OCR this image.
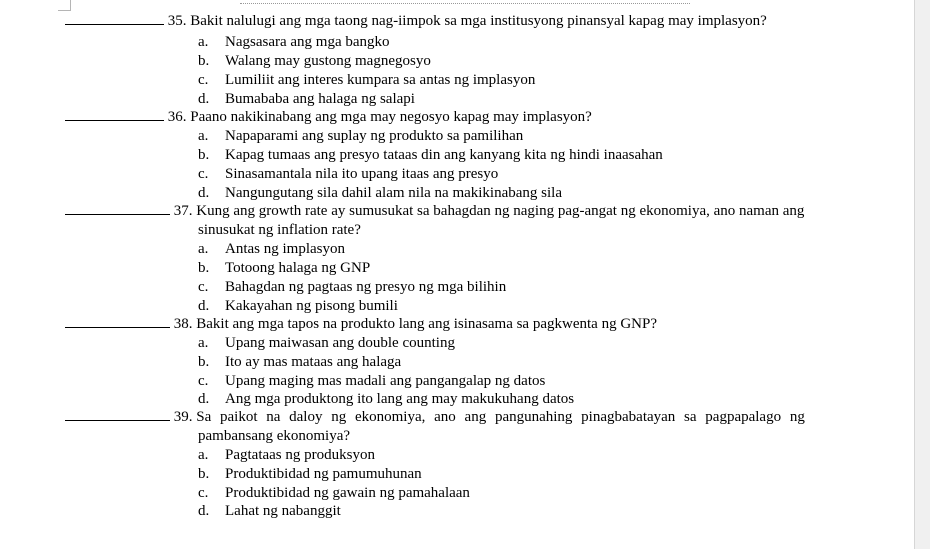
35. Bakit nalulugi ang mga taong nag-iimpok sa mga institusyong pinansyal kapag may implasyon?
a. Nagsasara ang mga bangko
b. Walang may gustong magnegosyo
c. Lumiliit ang interes kumpara sa antas ng implasyon
d. Bumababa ang halaga ng salapi
36. Paano nakikinabang ang mga may negosyo kapag may implasyon?
a. Napaparami ang suplay ng produkto sa pamilihan
b. Kapag tumaas ang presyo tataas din ang kanyang kita ng hindi inaasahan
c. Sinasamantala nila ito upang itaas ang presyo
d. Nangungutang sila dahil alam nila na makikinabang sila
37. Kung ang growth rate ay sumusukat sa bahagdan ng naging pag-angat ng ekonomiya, ano naman ang
sinusukat ng inflation rate?
a. Antas ng implasyon
b. Totoong halaga ng GNP
c. Bahagdan ng pagtaas ng presyo ng mga bilihin
d. Kakayahan ng pisong bumili
38. Bakit ang mga tapos na produkto lang ang isinasama sa pagkwenta ng GNP?
a. Upang maiwasan ang double counting
b. Ito ay mas mataas ang halaga
c. Upang maging mas madali ang pangangalap ng datos
d. Ang mga produktong ito lang ang may makukuhang datos
39. Sa paikot na daloy ng ekonomiya, ano ang pangunahing pinagbabatayan sa pagpapalago ng
pambansang ekonomiya?
a. Pagtataas ng produksyon
b. Produktibidad ng pamumuhunan
c. Produktibidad ng gawain ng pamahalaan
d. Lahat ng nabanggit
